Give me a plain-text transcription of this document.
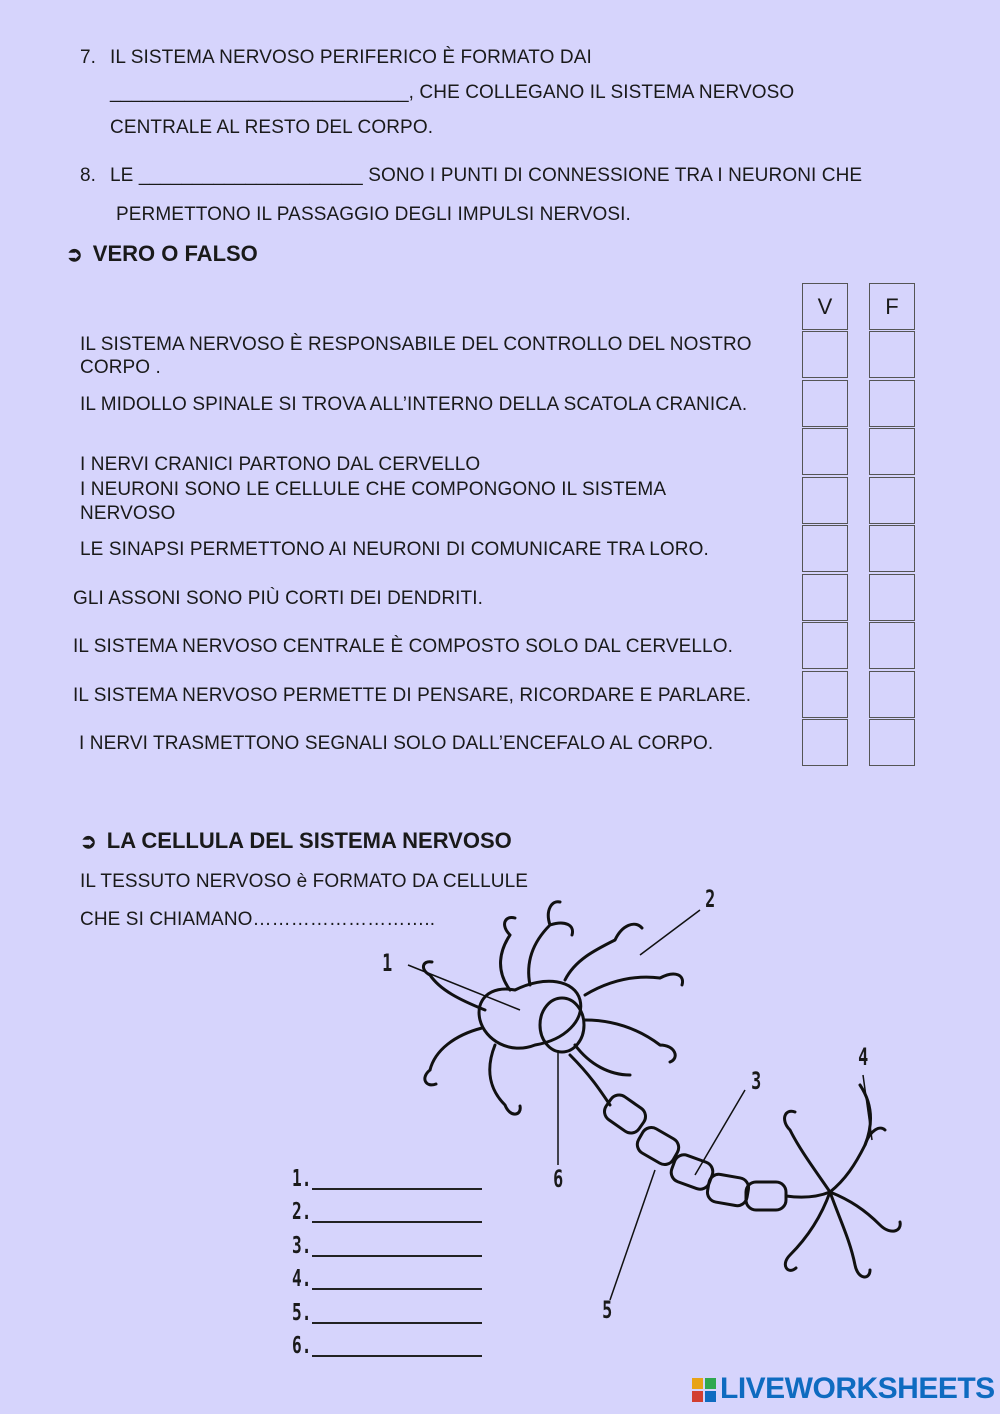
7. IL SISTEMA NERVOSO PERIFERICO È FORMATO DAI
____________________________, CHE COLLEGANO IL SISTEMA NERVOSO
CENTRALE AL RESTO DEL CORPO.
8. LE _____________________ SONO I PUNTI DI CONNESSIONE TRA I NEURONI CHE
PERMETTONO IL PASSAGGIO DEGLI IMPULSI NERVOSI.
➲ VERO O FALSO
V	F
IL SISTEMA NERVOSO È RESPONSABILE DEL CONTROLLO DEL NOSTRO
CORPO .
IL MIDOLLO SPINALE SI TROVA ALL’INTERNO DELLA SCATOLA CRANICA.
I NERVI CRANICI PARTONO DAL CERVELLO
I NEURONI SONO LE CELLULE CHE COMPONGONO IL SISTEMA
NERVOSO
LE SINAPSI PERMETTONO AI NEURONI DI COMUNICARE TRA LORO.
GLI ASSONI SONO PIÙ CORTI DEI DENDRITI.
IL SISTEMA NERVOSO CENTRALE È COMPOSTO SOLO DAL CERVELLO.
IL SISTEMA NERVOSO PERMETTE DI PENSARE, RICORDARE E PARLARE.
I NERVI TRASMETTONO SEGNALI SOLO DALL’ENCEFALO AL CORPO.
➲ LA CELLULA DEL SISTEMA NERVOSO
IL TESSUTO NERVOSO è FORMATO DA CELLULE
CHE SI CHIAMANO………………………..
1
2
3
4
5
6
1.
2.
3.
4.
5.
6.
LIVEWORKSHEETS
